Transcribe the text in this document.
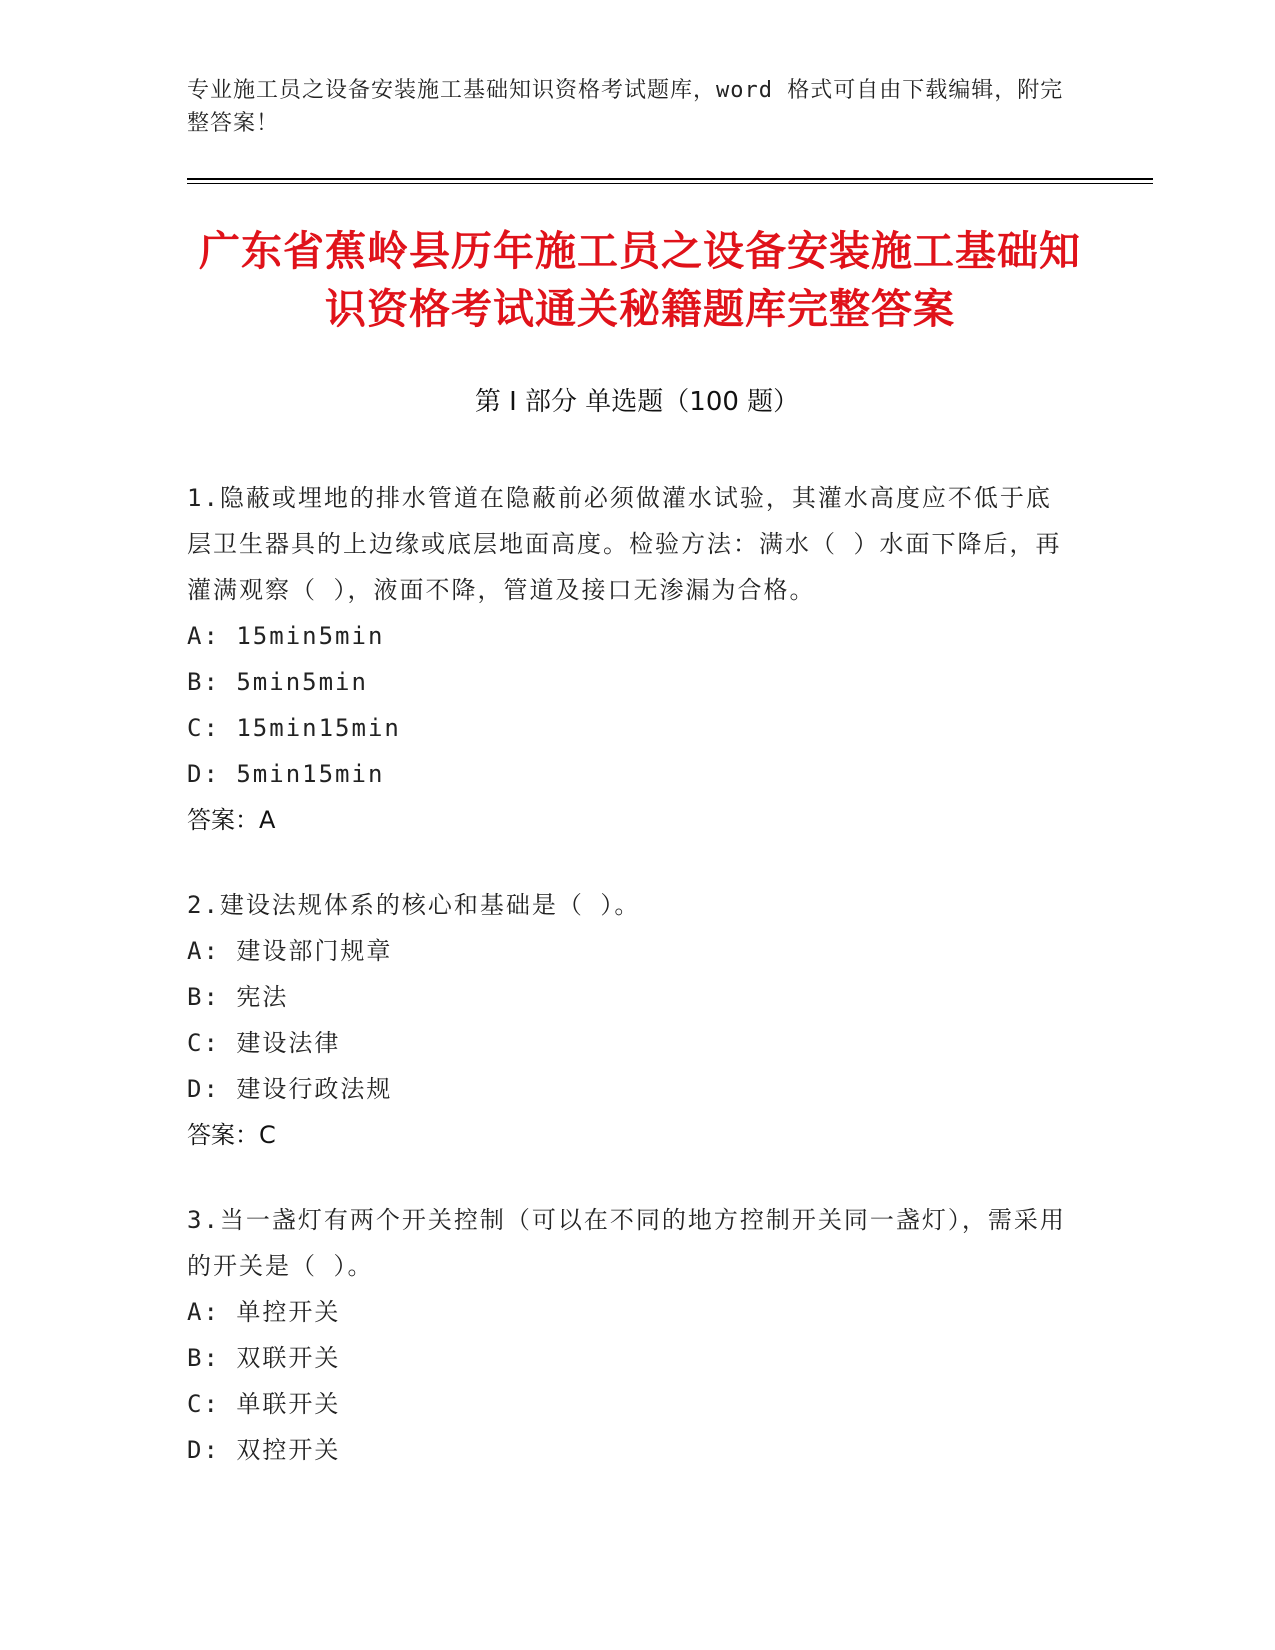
专业施工员之设备安装施工基础知识资格考试题库，word 格式可自由下载编辑，附完整答案！
广东省蕉岭县历年施工员之设备安装施工基础知识资格考试通关秘籍题库完整答案
第 I 部分 单选题（100 题）
1.隐蔽或埋地的排水管道在隐蔽前必须做灌水试验，其灌水高度应不低于底层卫生器具的上边缘或底层地面高度。检验方法：满水（ ）水面下降后，再灌满观察（ ），液面不降，管道及接口无渗漏为合格。
A: 15min5min
B: 5min5min
C: 15min15min
D: 5min15min
答案：A
2.建设法规体系的核心和基础是（ ）。
A: 建设部门规章
B: 宪法
C: 建设法律
D: 建设行政法规
答案：C
3.当一盏灯有两个开关控制（可以在不同的地方控制开关同一盏灯），需采用的开关是（ ）。
A: 单控开关
B: 双联开关
C: 单联开关
D: 双控开关
